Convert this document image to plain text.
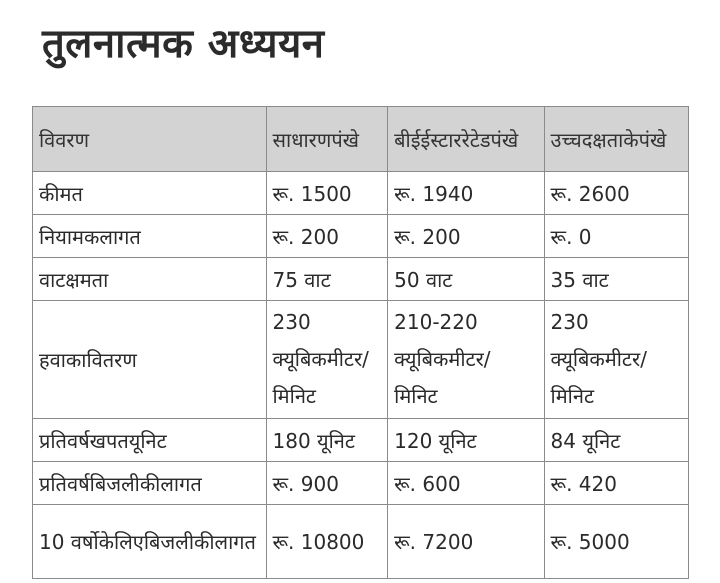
तुलनात्मक अध्ययन
विवरण	साधारणपंखे	बीईईस्टाररेटेडपंखे	उच्चदक्षताकेपंखे
कीमत	रू. 1500	रू. 1940	रू. 2600
नियामकलागत	रू. 200	रू. 200	रू. 0
वाटक्षमता	75 वाट	50 वाट	35 वाट
हवाकावितरण	230 क्यूबिकमीटर/ मिनिट	210-220 क्यूबिकमीटर/ मिनिट	230 क्यूबिकमीटर/ मिनिट
प्रतिवर्षखपतयूनिट	180 यूनिट	120 यूनिट	84 यूनिट
प्रतिवर्षबिजलीकीलागत	रू. 900	रू. 600	रू. 420
10 वर्षोकेलिएबिजलीकीलागत	रू. 10800	रू. 7200	रू. 5000
